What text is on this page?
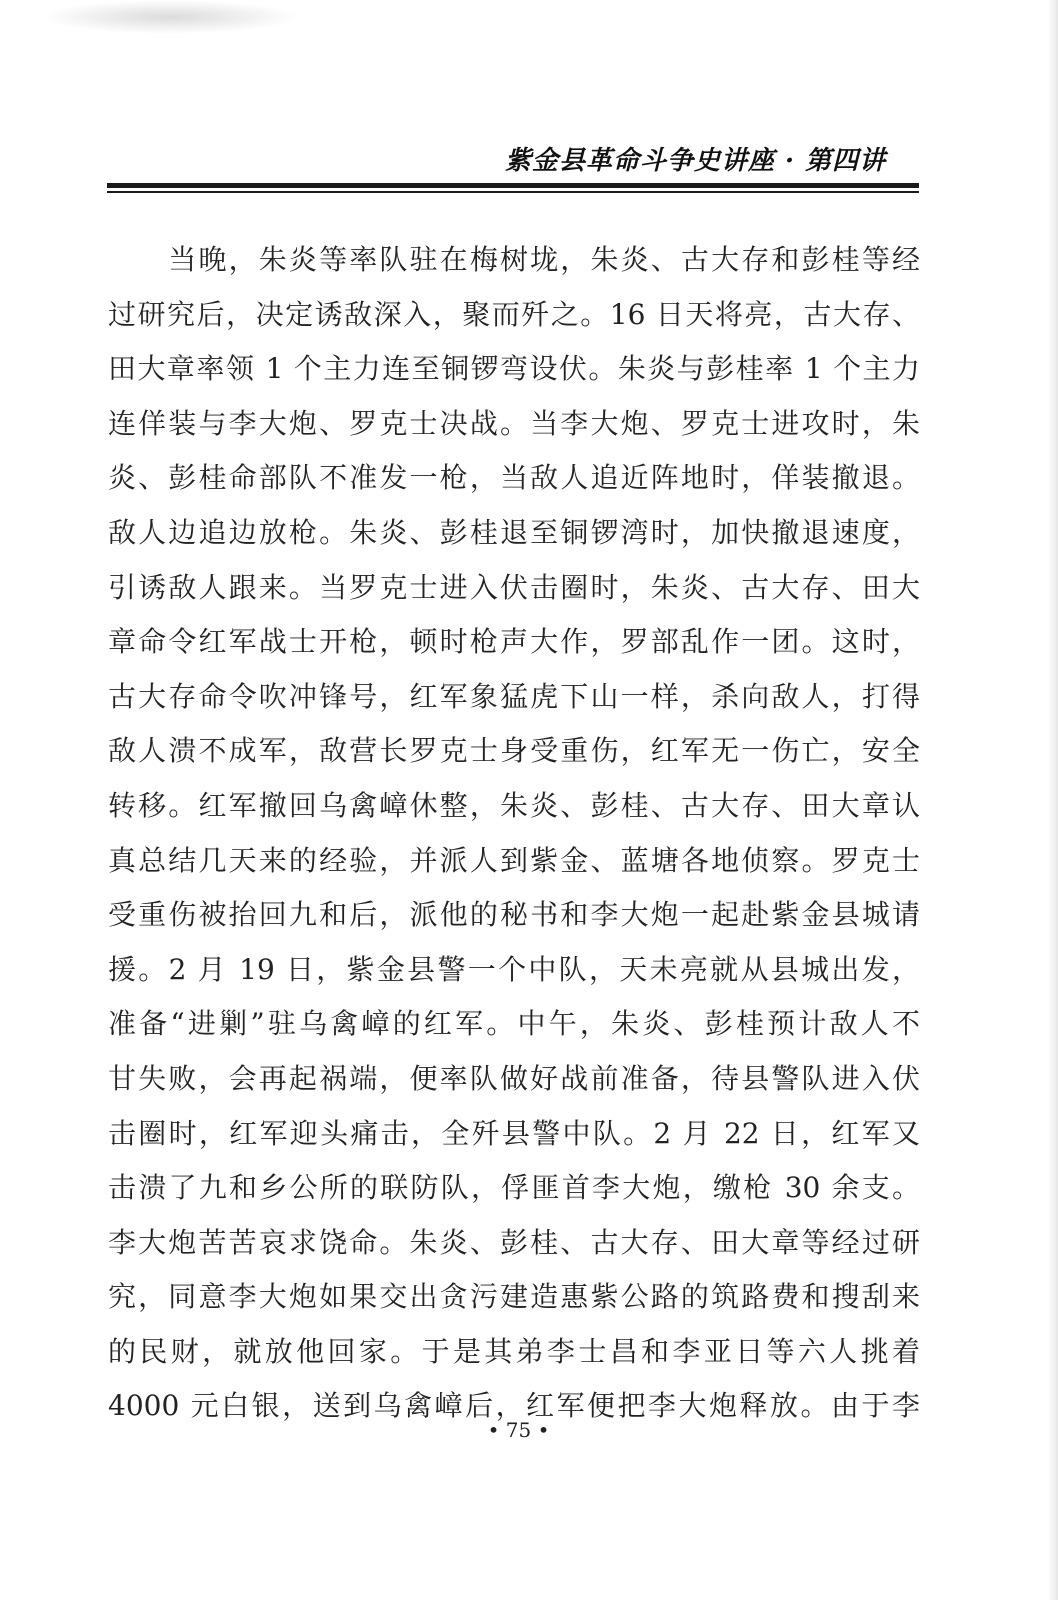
紫金县革命斗争史讲座 · 第四讲
　　当晚，朱炎等率队驻在梅树垅，朱炎、古大存和彭桂等经
过研究后，决定诱敌深入，聚而歼之。16 日天将亮，古大存、
田大章率领 1 个主力连至铜锣弯设伏。朱炎与彭桂率 1 个主力
连佯装与李大炮、罗克士决战。当李大炮、罗克士进攻时，朱
炎、彭桂命部队不准发一枪，当敌人追近阵地时，佯装撤退。
敌人边追边放枪。朱炎、彭桂退至铜锣湾时，加快撤退速度，
引诱敌人跟来。当罗克士进入伏击圈时，朱炎、古大存、田大
章命令红军战士开枪，顿时枪声大作，罗部乱作一团。这时，
古大存命令吹冲锋号，红军象猛虎下山一样，杀向敌人，打得
敌人溃不成军，敌营长罗克士身受重伤，红军无一伤亡，安全
转移。红军撤回乌禽嶂休整，朱炎、彭桂、古大存、田大章认
真总结几天来的经验，并派人到紫金、蓝塘各地侦察。罗克士
受重伤被抬回九和后，派他的秘书和李大炮一起赴紫金县城请
援。2 月 19 日，紫金县警一个中队，天未亮就从县城出发，
准备“进剿”驻乌禽嶂的红军。中午，朱炎、彭桂预计敌人不
甘失败，会再起祸端，便率队做好战前准备，待县警队进入伏
击圈时，红军迎头痛击，全歼县警中队。2 月 22 日，红军又
击溃了九和乡公所的联防队，俘匪首李大炮，缴枪 30 余支。
李大炮苦苦哀求饶命。朱炎、彭桂、古大存、田大章等经过研
究，同意李大炮如果交出贪污建造惠紫公路的筑路费和搜刮来
的民财，就放他回家。于是其弟李士昌和李亚日等六人挑着
4000 元白银，送到乌禽嶂后，红军便把李大炮释放。由于李
• 75 •
